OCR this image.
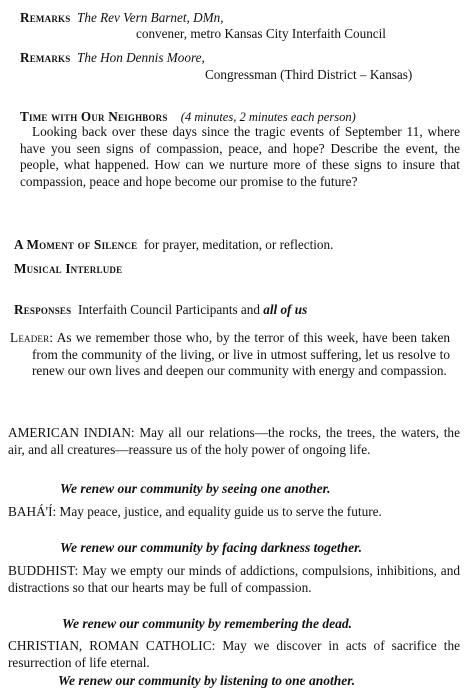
Remarks The Rev Vern Barnet, DMn,
convener, metro Kansas City Interfaith Council
Remarks The Hon Dennis Moore,
Congressman (Third District – Kansas)
Time with Our Neighbors (4 minutes, 2 minutes each person)
Looking back over these days since the tragic events of September 11, where have you seen signs of compassion, peace, and hope? Describe the event, the people, what happened. How can we nurture more of these signs to insure that compassion, peace and hope become our promise to the future?
A Moment of Silence for prayer, meditation, or reflection.
Musical Interlude
Responses Interfaith Council Participants and all of us
Leader: As we remember those who, by the terror of this week, have been taken from the community of the living, or live in utmost suffering, let us resolve to renew our own lives and deepen our community with energy and compassion.
AMERICAN INDIAN: May all our relations—the rocks, the trees, the waters, the air, and all creatures—reassure us of the holy power of ongoing life.
We renew our community by seeing one another.
BAHÁ'Í: May peace, justice, and equality guide us to serve the future.
We renew our community by facing darkness together.
BUDDHIST: May we empty our minds of addictions, compulsions, inhibitions, and distractions so that our hearts may be full of compassion.
We renew our community by remembering the dead.
CHRISTIAN, ROMAN CATHOLIC: May we discover in acts of sacrifice the resurrection of life eternal.
We renew our community by listening to one another.
